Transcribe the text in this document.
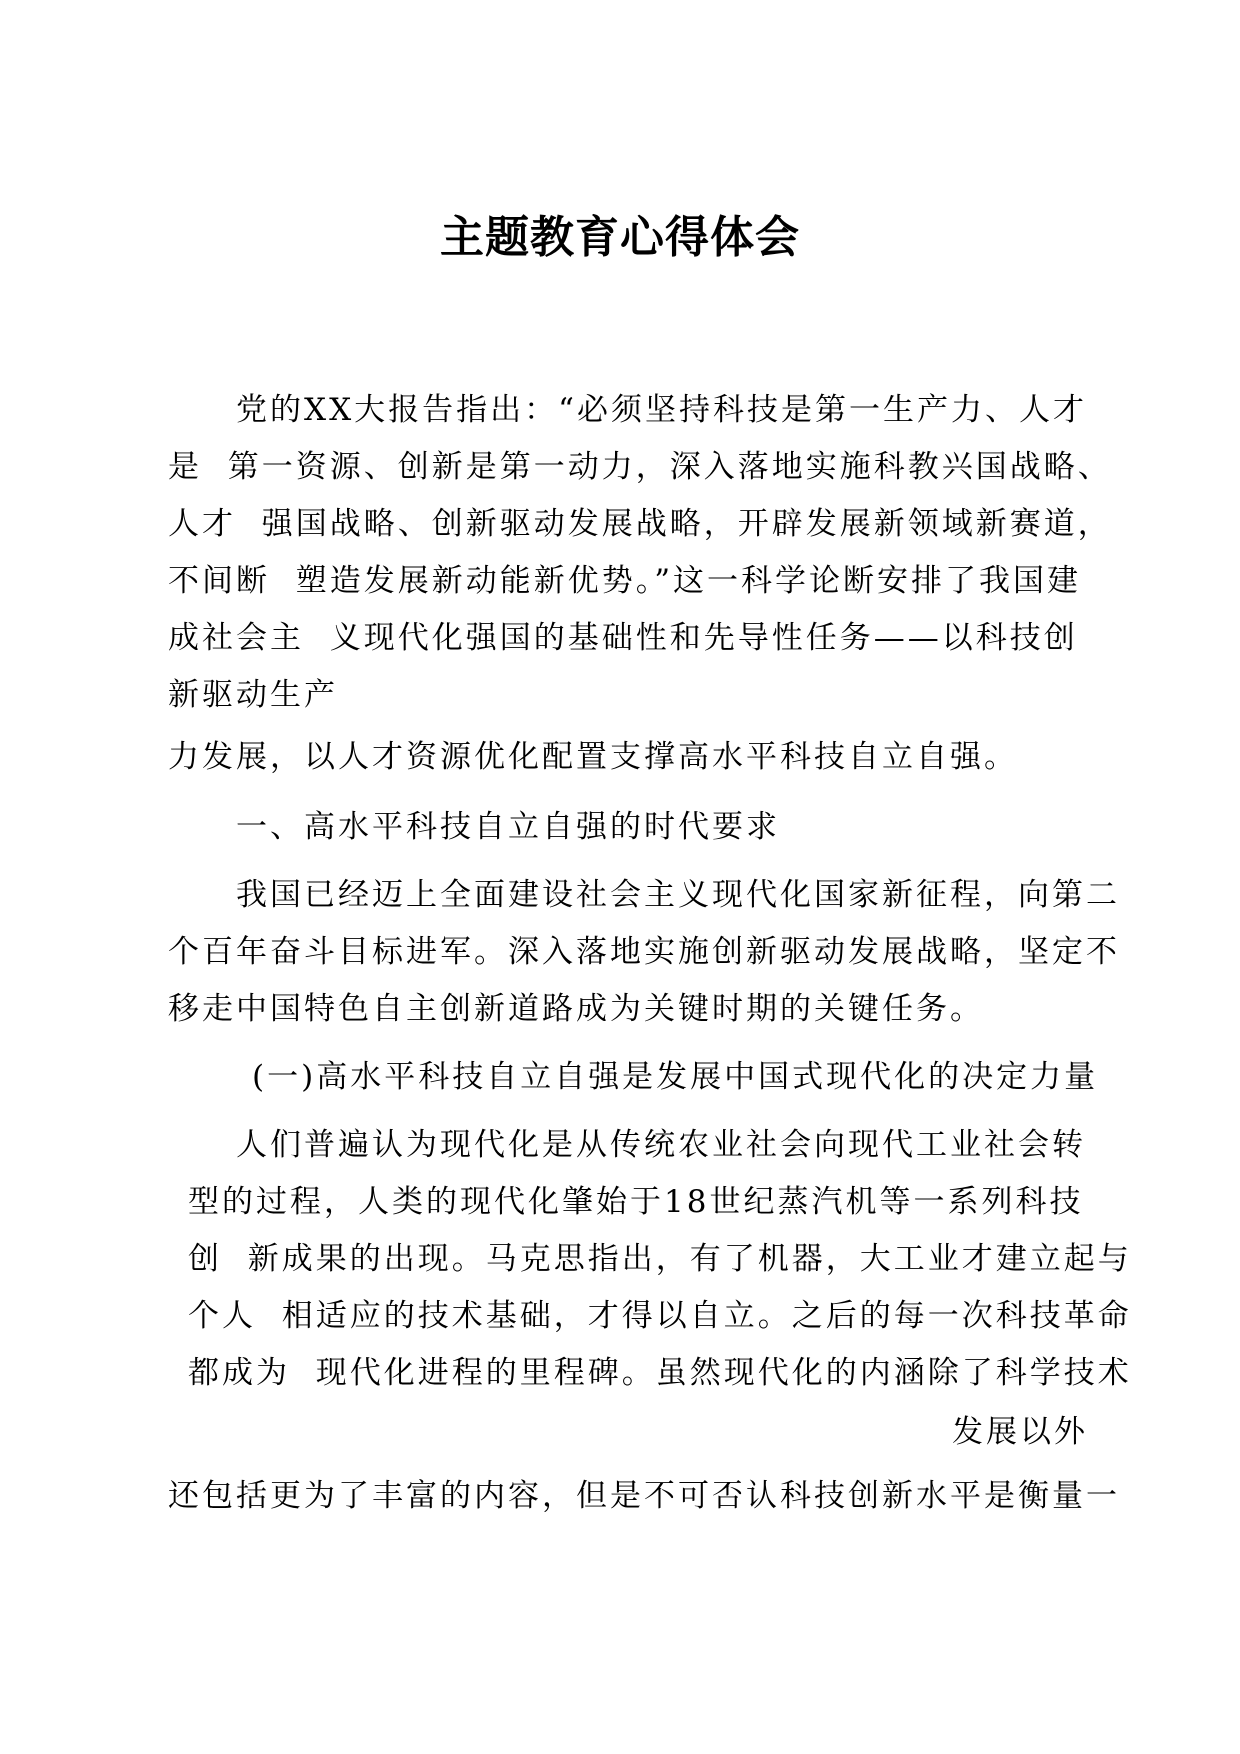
主题教育心得体会

党的XX大报告指出：“必须坚持科技是第一生产力、人才

是  第一资源、创新是第一动力，深入落地实施科教兴国战略、

人才  强国战略、创新驱动发展战略，开辟发展新领域新赛道，

不间断  塑造发展新动能新优势。”这一科学论断安排了我国建

成社会主  义现代化强国的基础性和先导性任务——以科技创

新驱动生产

力发展，以人才资源优化配置支撑高水平科技自立自强。

一、高水平科技自立自强的时代要求

我国已经迈上全面建设社会主义现代化国家新征程，向第二

个百年奋斗目标进军。深入落地实施创新驱动发展战略，坚定不

移走中国特色自主创新道路成为关键时期的关键任务。

(一)高水平科技自立自强是发展中国式现代化的决定力量

人们普遍认为现代化是从传统农业社会向现代工业社会转

型的过程，人类的现代化肇始于18世纪蒸汽机等一系列科技

创  新成果的出现。马克思指出，有了机器，大工业才建立起与

个人  相适应的技术基础，才得以自立。之后的每一次科技革命

都成为  现代化进程的里程碑。虽然现代化的内涵除了科学技术

发展以外

还包括更为了丰富的内容，但是不可否认科技创新水平是衡量一
